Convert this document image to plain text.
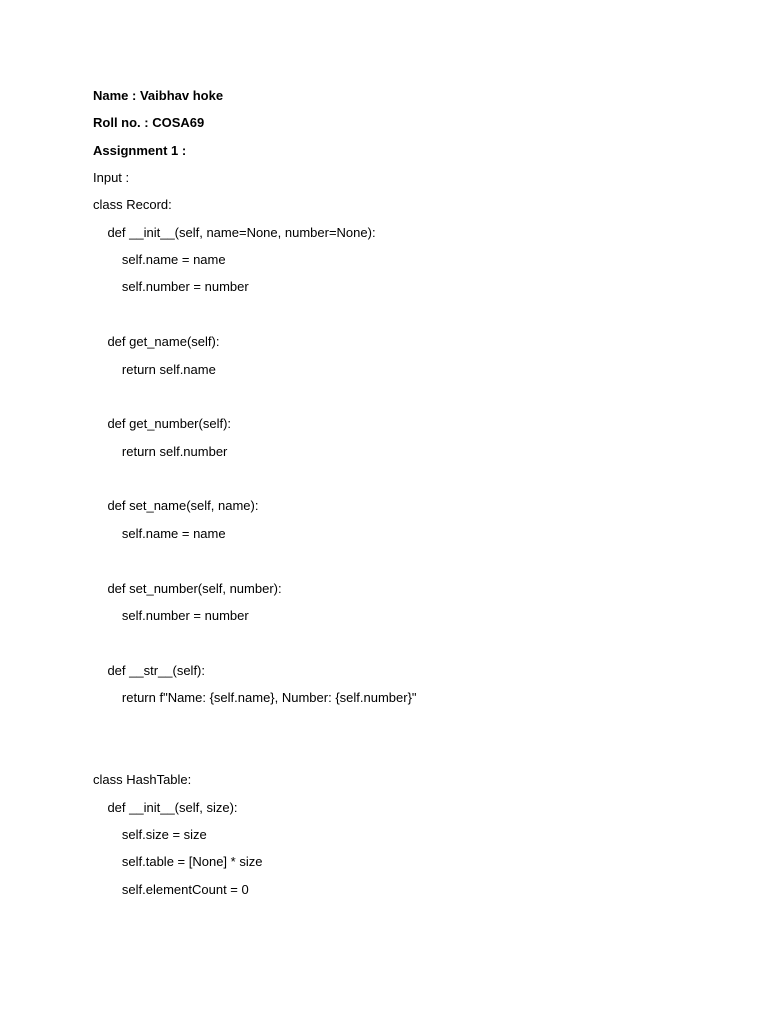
Name : Vaibhav hoke
Roll no. : COSA69
Assignment 1 :
Input :
class Record:
def __init__(self, name=None, number=None):
self.name = name
self.number = number
def get_name(self):
return self.name
def get_number(self):
return self.number
def set_name(self, name):
self.name = name
def set_number(self, number):
self.number = number
def __str__(self):
return f"Name: {self.name}, Number: {self.number}"
class HashTable:
def __init__(self, size):
self.size = size
self.table = [None] * size
self.elementCount = 0
